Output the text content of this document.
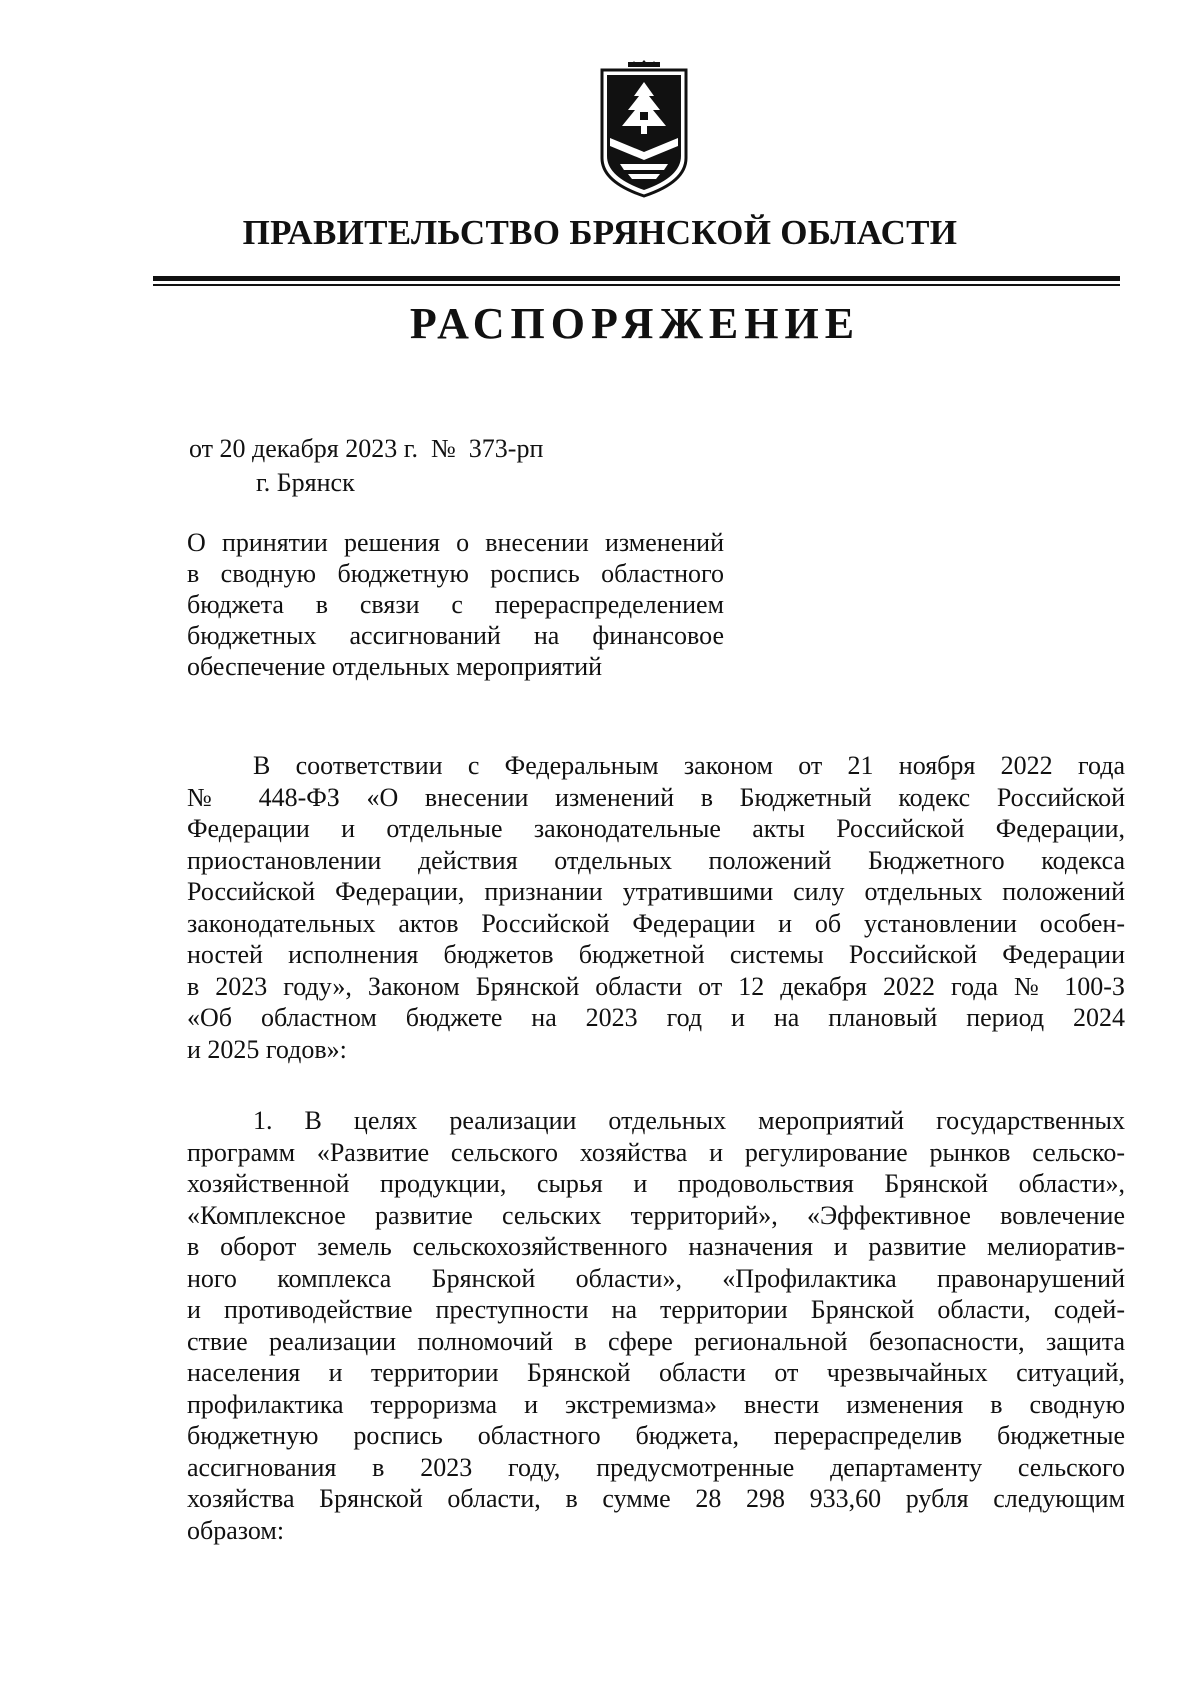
ПРАВИТЕЛЬСТВО БРЯНСКОЙ ОБЛАСТИ
РАСПОРЯЖЕНИЕ
от 20 декабря 2023 г.  №  373-рп
г. Брянск
О принятии решения о внесении изменений
в сводную бюджетную роспись областного
бюджета в связи с перераспределением
бюджетных ассигнований на финансовое
обеспечение отдельных мероприятий
В соответствии с Федеральным законом от 21 ноября 2022 года
№ 448-ФЗ «О внесении изменений в Бюджетный кодекс Российской
Федерации и отдельные законодательные акты Российской Федерации,
приостановлении действия отдельных положений Бюджетного кодекса
Российской Федерации, признании утратившими силу отдельных положений
законодательных актов Российской Федерации и об установлении особен-
ностей исполнения бюджетов бюджетной системы Российской Федерации
в 2023 году», Законом Брянской области от 12 декабря 2022 года № 100-З
«Об областном бюджете на 2023 год и на плановый период 2024
и 2025 годов»:
1. В целях реализации отдельных мероприятий государственных
программ «Развитие сельского хозяйства и регулирование рынков сельско-
хозяйственной продукции, сырья и продовольствия Брянской области»,
«Комплексное развитие сельских территорий», «Эффективное вовлечение
в оборот земель сельскохозяйственного назначения и развитие мелиоратив-
ного комплекса Брянской области», «Профилактика правонарушений
и противодействие преступности на территории Брянской области, содей-
ствие реализации полномочий в сфере региональной безопасности, защита
населения и территории Брянской области от чрезвычайных ситуаций,
профилактика терроризма и экстремизма» внести изменения в сводную
бюджетную роспись областного бюджета, перераспределив бюджетные
ассигнования в 2023 году, предусмотренные департаменту сельского
хозяйства Брянской области, в сумме 28 298 933,60 рубля следующим
образом:
